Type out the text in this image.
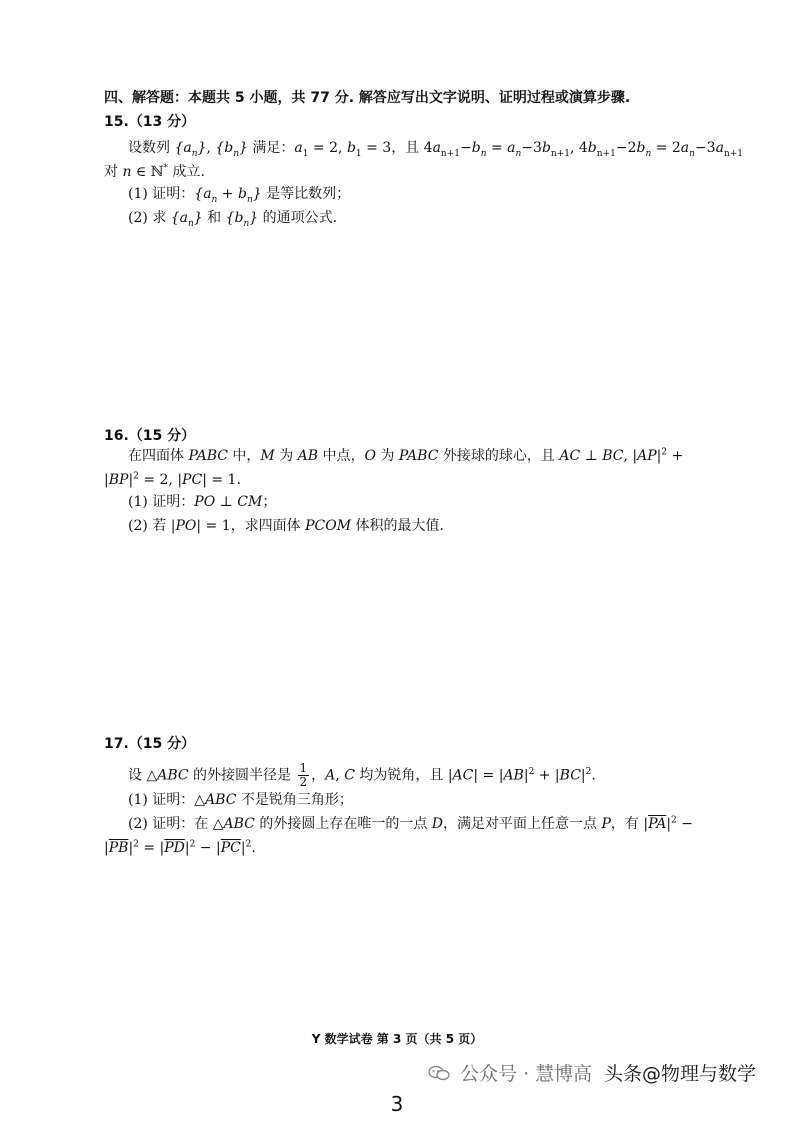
四、解答题：本题共 5 小题，共 77 分. 解答应写出文字说明、证明过程或演算步骤.
15.（13 分）
设数列 $\{a_n\}$, $\{b_n\}$ 满足：$a_1 = 2$, $b_1 = 3$，且 $4a_{n+1}-b_n = a_n-3b_{n+1}$, $4b_{n+1}-2b_n = 2a_n-3a_{n+1}$
对 n ∈ ℕ* 成立.
(1) 证明：$\{a_n + b_n\}$ 是等比数列；
(2) 求 $\{a_n\}$ 和 $\{b_n\}$ 的通项公式.
16.（15 分）
在四面体 PABC 中，M 为 AB 中点，O 为 PABC 外接球的球心，且 AC ⊥ BC, $|AP|^2$ +
$|BP|^2 = 2$, |PC| = 1.
(1) 证明：PO ⊥ CM；
(2) 若 |PO| = 1，求四面体 PCOM 体积的最大值.
17.（15 分）
设 △ABC 的外接圆半径是 $\frac{1}{2}$ ，A, C 均为锐角，且 $|AC| = |AB|^2 + |BC|^2$.
(1) 证明：△ABC 不是锐角三角形；
(2) 证明：在 △ABC 的外接圆上存在唯一的一点 D，满足对平面上任意一点 P，有 $|\overline{PA}|^2$ −
$|\overline{PB}|^2 = |\overline{PD}|^2 - |\overline{PC}|^2$.
Y 数学试卷 第 3 页（共 5 页）
公众号 · 慧博高 头条@物理与数学
3
